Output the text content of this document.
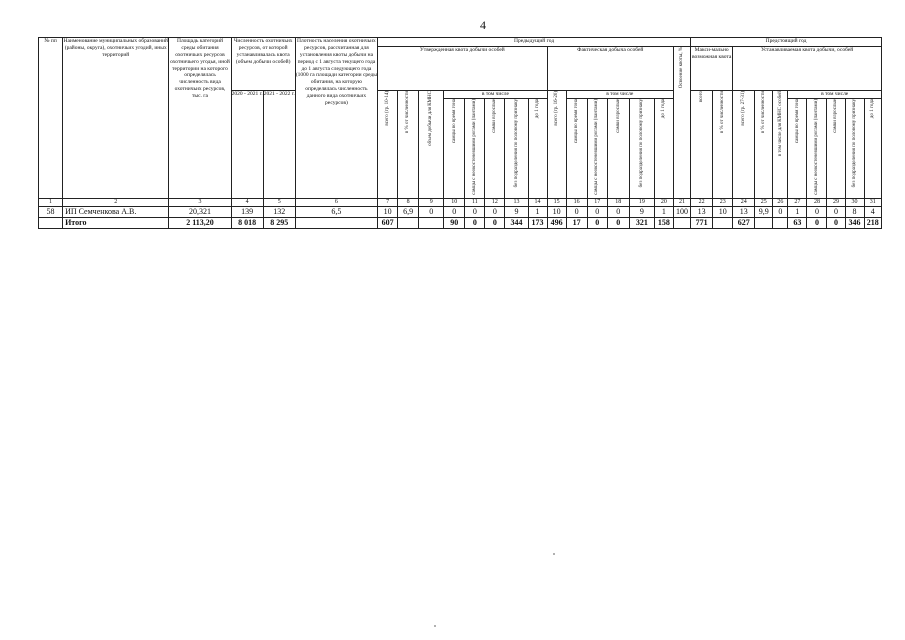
4
№ пп	Наименование муниципальных образований (районы, округа), охотничьих угодий, иных территорий	Площадь категорий среды обитания охотничьих ресурсов охотничьего угодья, иной территории на которого определялась численность вида охотничьих ресурсов, тыс. га	Численность охотничьих ресурсов, от которой устанавливалась квота (объем добычи особей)		Плотность населения охотничьих ресурсов, рассчитанная для установления квоты добычи на период с 1 августа текущего года до 1 августа следующего года (1000 га площади категории среды обитания, на которую определялась численность данного вида охотничьих ресурсов)	Предыдущий год															Предстоящий год									
						Утвержденная квота добычи особей								Фактическая добыча особей						Освоение квоты, %	Макси-мально возможная квота		Устанавливаемая квота добычи, особей							

			2020 - 2021 г.	2021 - 2022 г.		всего (гр. 10-14)	в % от численности	объем добычи для КМНС	в том числе					всего (гр. 16-20)	в том числе						всего	в % от численности	всего (гр. 27-31)	в % от численности	в том числе для КМНС особей	в том числе				
									самцы во время гона	самцы с неокостеневшими рогами (пантами)	самки взрослые	без подразделения по половому признаку	до 1 года		самцы во время гона	самцы с неокостеневшими рогами (пантами)	самки взрослые	без подразделения по половому признаку	до 1 года							самцы во время гона	самцы с неокостеневшими рогами (пантами)	самки взрослые	без подразделения по половому признаку	до 1 года
1	2	3	4	5	6	7	8	9	10	11	12	13	14	15	16	17	18	19	20	21	22	23	24	25	26	27	28	29	30	31
58	ИП Семченкова А.В.	20,321	139	132	6,5	10	6,9	0	0	0	0	9	1	10	0	0	0	9	1	100	13	10	13	9,9	0	1	0	0	8	4
	Итого	2 113,20	8 018	8 295		607			90	0	0	344	173	496	17	0	0	321	158		771		627			63	0	0	346	218
